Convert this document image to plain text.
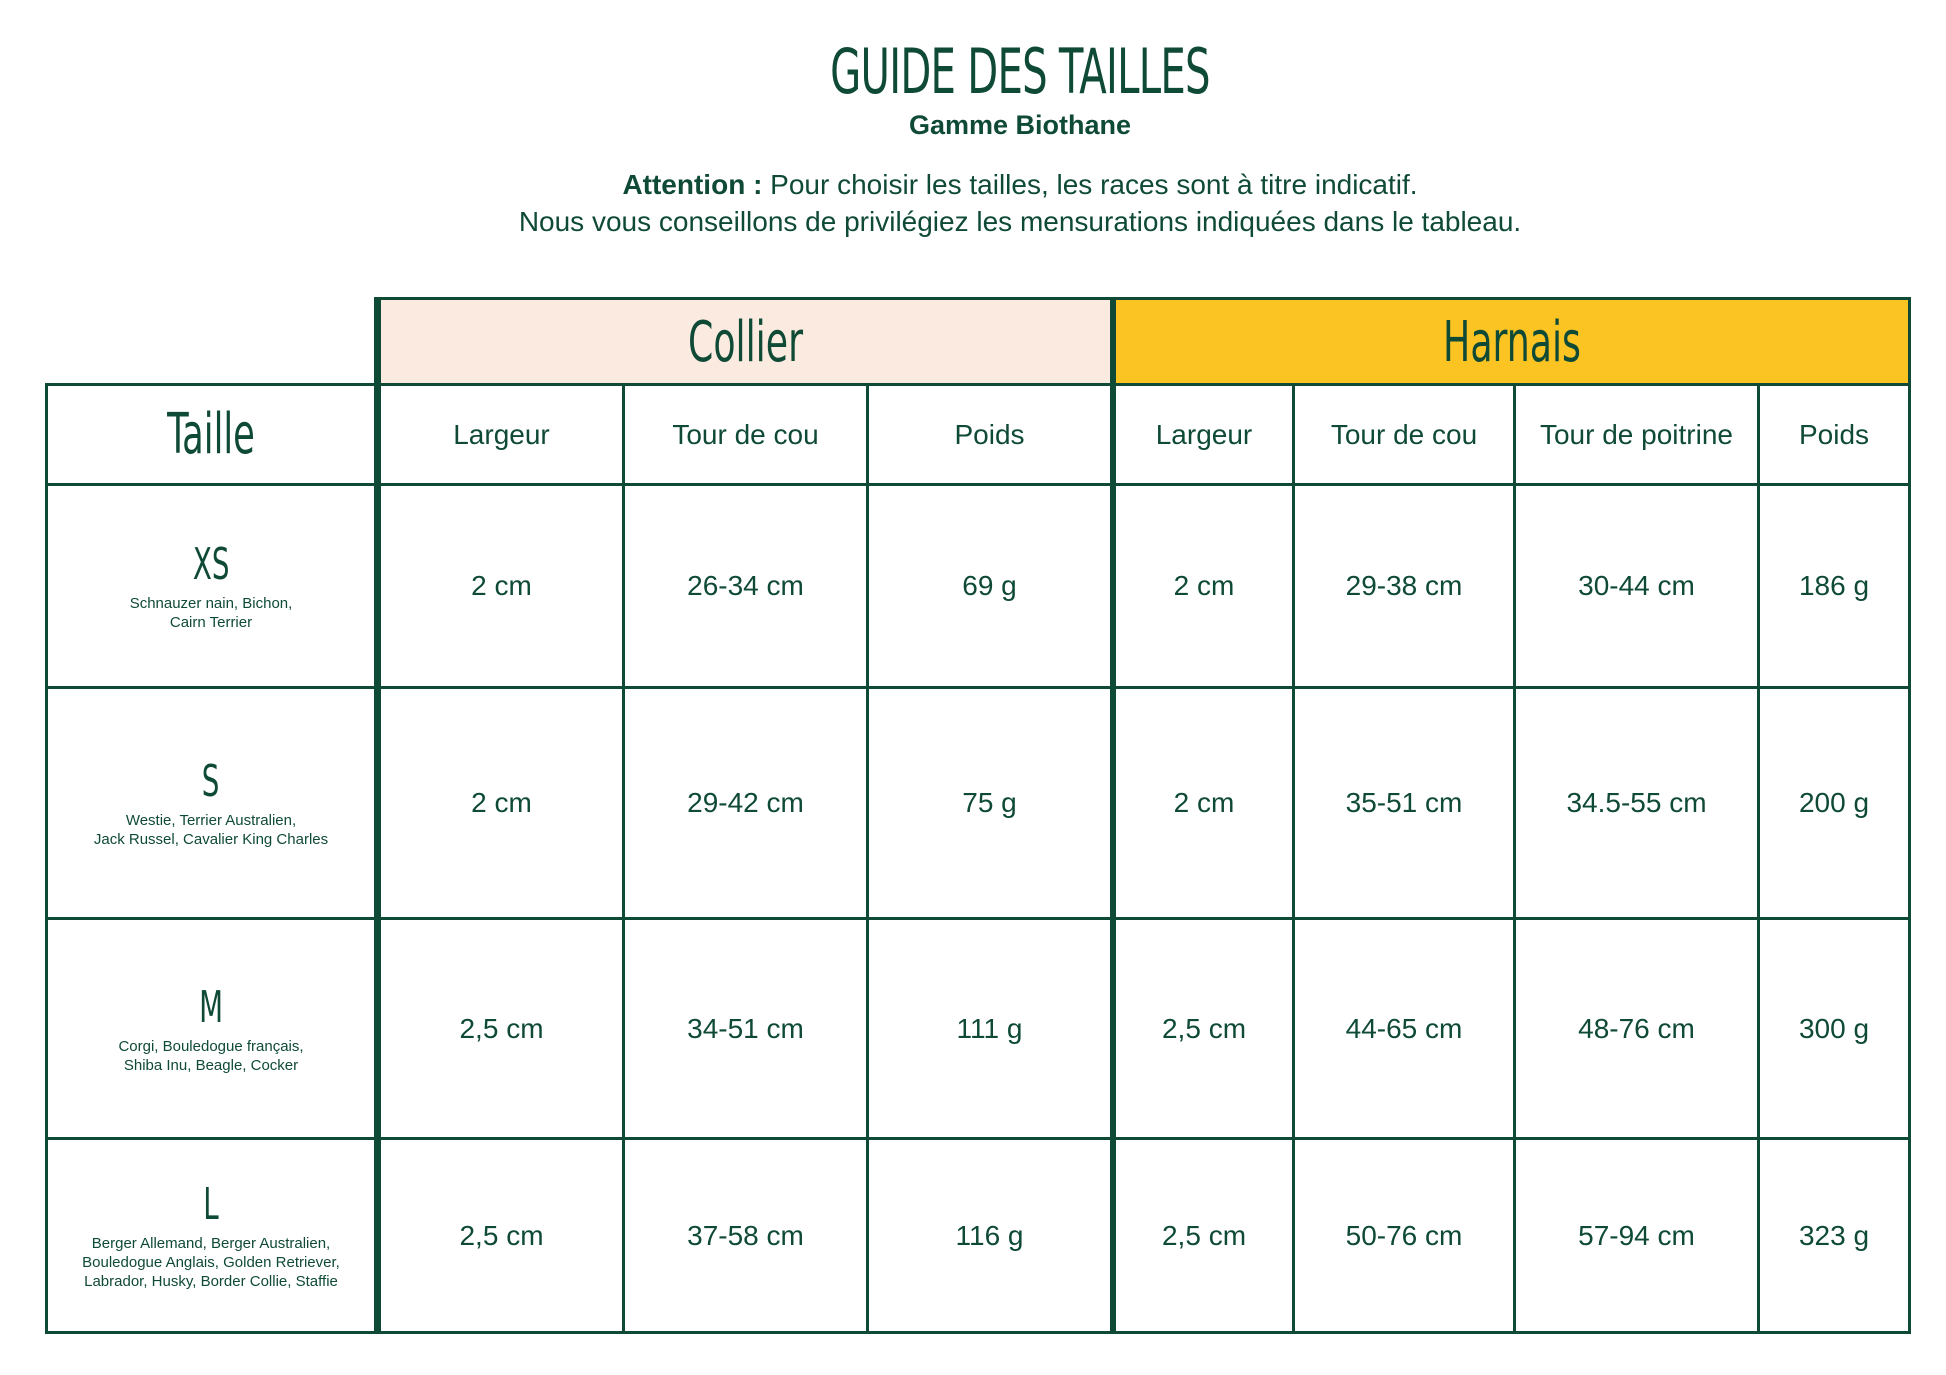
GUIDE DES TAILLES
Gamme Biothane
Attention : Pour choisir les tailles, les races sont à titre indicatif.
Nous vous conseillons de privilégiez les mensurations indiquées dans le tableau.
Collier	Harnais
Taille	Largeur	Tour de cou	Poids	Largeur	Tour de cou	Tour de poitrine	Poids
XS
Schnauzer nain, Bichon,
Cairn Terrier
2 cm	26-34 cm	69 g	2 cm	29-38 cm	30-44 cm	186 g
S
Westie, Terrier Australien,
Jack Russel, Cavalier King Charles
2 cm	29-42 cm	75 g	2 cm	35-51 cm	34.5-55 cm	200 g
M
Corgi, Bouledogue français,
Shiba Inu, Beagle, Cocker
2,5 cm	34-51 cm	111 g	2,5 cm	44-65 cm	48-76 cm	300 g
L
Berger Allemand, Berger Australien,
Bouledogue Anglais, Golden Retriever,
Labrador, Husky, Border Collie, Staffie
2,5 cm	37-58 cm	116 g	2,5 cm	50-76 cm	57-94 cm	323 g
